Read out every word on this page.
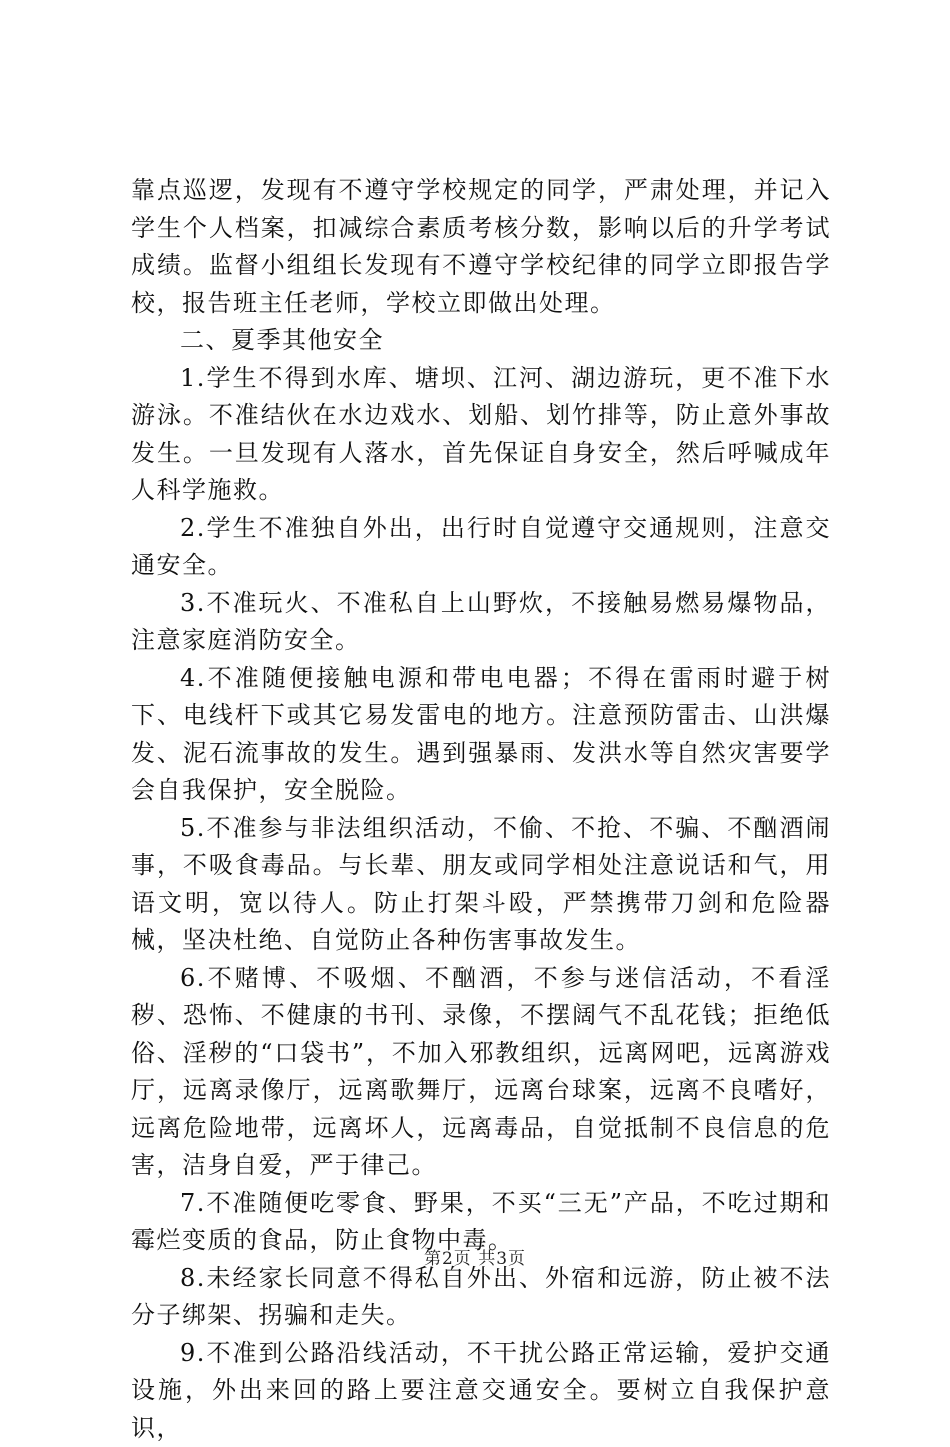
靠点巡逻，发现有不遵守学校规定的同学，严肃处理，并记入学生个人档案，扣减综合素质考核分数，影响以后的升学考试成绩。监督小组组长发现有不遵守学校纪律的同学立即报告学校，报告班主任老师，学校立即做出处理。

二、夏季其他安全

1.学生不得到水库、塘坝、江河、湖边游玩，更不准下水游泳。不准结伙在水边戏水、划船、划竹排等，防止意外事故发生。一旦发现有人落水，首先保证自身安全，然后呼喊成年人科学施救。

2.学生不准独自外出，出行时自觉遵守交通规则，注意交通安全。

3.不准玩火、不准私自上山野炊，不接触易燃易爆物品，注意家庭消防安全。

4.不准随便接触电源和带电电器；不得在雷雨时避于树下、电线杆下或其它易发雷电的地方。注意预防雷击、山洪爆发、泥石流事故的发生。遇到强暴雨、发洪水等自然灾害要学会自我保护，安全脱险。

5.不准参与非法组织活动，不偷、不抢、不骗、不酗酒闹事，不吸食毒品。与长辈、朋友或同学相处注意说话和气，用语文明，宽以待人。防止打架斗殴，严禁携带刀剑和危险器械，坚决杜绝、自觉防止各种伤害事故发生。

6.不赌博、不吸烟、不酗酒，不参与迷信活动，不看淫秽、恐怖、不健康的书刊、录像，不摆阔气不乱花钱；拒绝低俗、淫秽的“口袋书”，不加入邪教组织，远离网吧，远离游戏厅，远离录像厅，远离歌舞厅，远离台球案，远离不良嗜好，远离危险地带，远离坏人，远离毒品，自觉抵制不良信息的危害，洁身自爱，严于律己。

7.不准随便吃零食、野果，不买“三无”产品，不吃过期和霉烂变质的食品，防止食物中毒。

8.未经家长同意不得私自外出、外宿和远游，防止被不法分子绑架、拐骗和走失。

9.不准到公路沿线活动，不干扰公路正常运输，爱护交通设施，外出来回的路上要注意交通安全。要树立自我保护意识，

第2页 共3页
